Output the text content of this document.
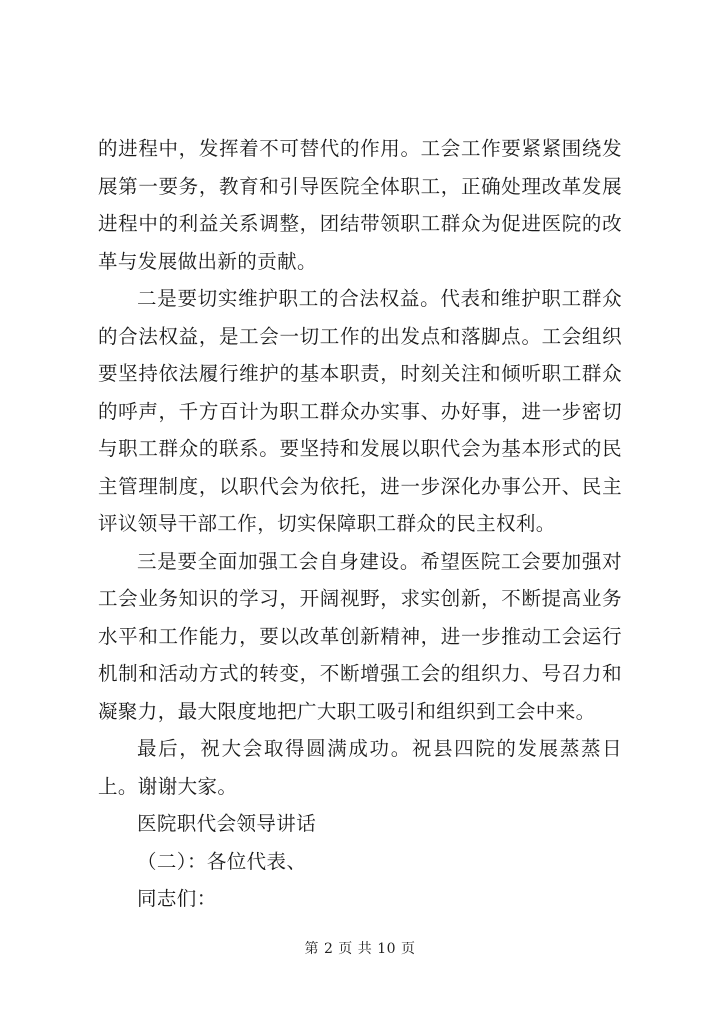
的进程中，发挥着不可替代的作用。工会工作要紧紧围绕发展第一要务，教育和引导医院全体职工，正确处理改革发展进程中的利益关系调整，团结带领职工群众为促进医院的改革与发展做出新的贡献。

二是要切实维护职工的合法权益。代表和维护职工群众的合法权益，是工会一切工作的出发点和落脚点。工会组织要坚持依法履行维护的基本职责，时刻关注和倾听职工群众的呼声，千方百计为职工群众办实事、办好事，进一步密切与职工群众的联系。要坚持和发展以职代会为基本形式的民主管理制度，以职代会为依托，进一步深化办事公开、民主评议领导干部工作，切实保障职工群众的民主权利。

三是要全面加强工会自身建设。希望医院工会要加强对工会业务知识的学习，开阔视野，求实创新，不断提高业务水平和工作能力，要以改革创新精神，进一步推动工会运行机制和活动方式的转变，不断增强工会的组织力、号召力和凝聚力，最大限度地把广大职工吸引和组织到工会中来。

最后，祝大会取得圆满成功。祝县四院的发展蒸蒸日上。谢谢大家。

医院职代会领导讲话

（二）：各位代表、

同志们：

第 2 页 共 10 页
